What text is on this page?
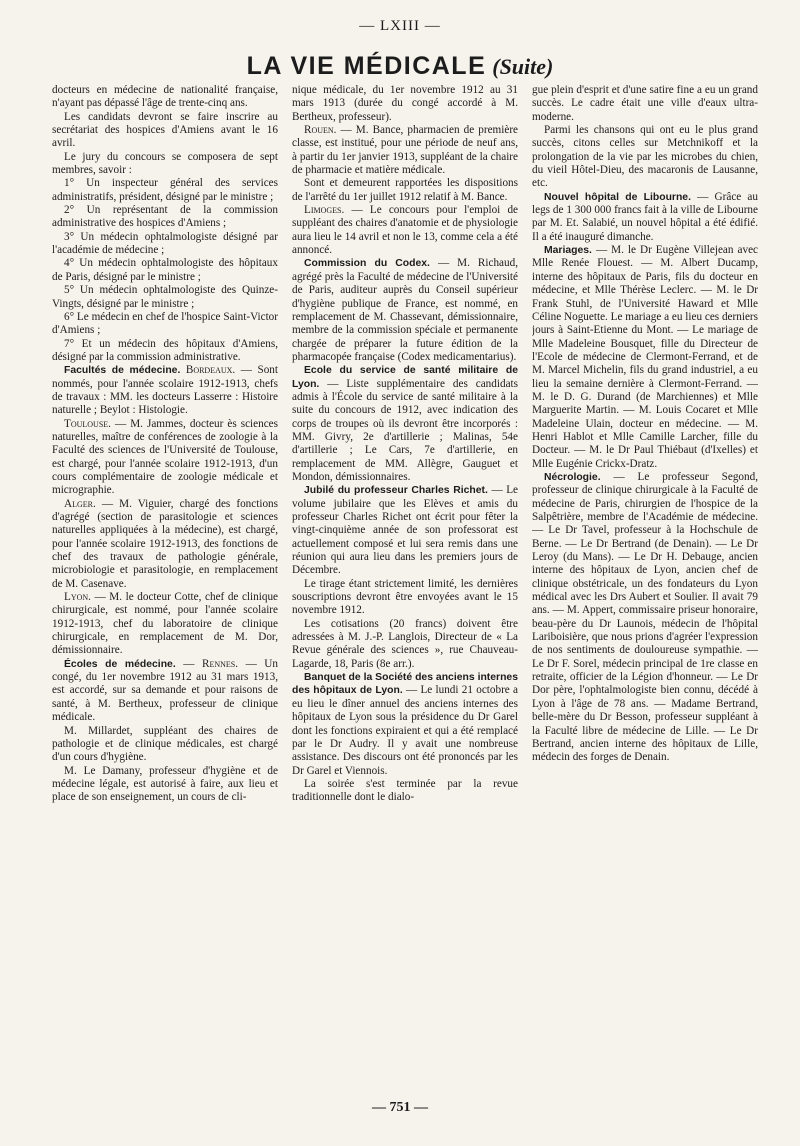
— LXIII —
LA VIE MÉDICALE (Suite)

docteurs en médecine de nationalité française, n'ayant pas dépassé l'âge de trente-cinq ans.

Les candidats devront se faire inscrire au secrétariat des hospices d'Amiens avant le 16 avril.

Le jury du concours se composera de sept membres, savoir :

1° Un inspecteur général des services administratifs, président, désigné par le ministre ;

2° Un représentant de la commission administrative des hospices d'Amiens ;

3° Un médecin ophtalmologiste désigné par l'académie de médecine ;

4° Un médecin ophtalmologiste des hôpitaux de Paris, désigné par le ministre ;

5° Un médecin ophtalmologiste des Quinze-Vingts, désigné par le ministre ;

6° Le médecin en chef de l'hospice Saint-Victor d'Amiens ;

7° Et un médecin des hôpitaux d'Amiens, désigné par la commission administrative.

Facultés de médecine. Bordeaux. — Sont nommés, pour l'année scolaire 1912-1913, chefs de travaux : MM. les docteurs Lasserre : Histoire naturelle ; Beylot : Histologie.

Toulouse. — M. Jammes, docteur ès sciences naturelles, maître de conférences de zoologie à la Faculté des sciences de l'Université de Toulouse, est chargé, pour l'année scolaire 1912-1913, d'un cours complémentaire de zoologie médicale et micrographie.

Alger. — M. Viguier, chargé des fonctions d'agrégé (section de parasitologie et sciences naturelles appliquées à la médecine), est chargé, pour l'année scolaire 1912-1913, des fonctions de chef des travaux de pathologie générale, microbiologie et parasitologie, en remplacement de M. Casenave.

Lyon. — M. le docteur Cotte, chef de clinique chirurgicale, est nommé, pour l'année scolaire 1912-1913, chef du laboratoire de clinique chirurgicale, en remplacement de M. Dor, démissionnaire.

Écoles de médecine. — Rennes. — Un congé, du 1er novembre 1912 au 31 mars 1913, est accordé, sur sa demande et pour raisons de santé, à M. Bertheux, professeur de clinique médicale.

M. Millardet, suppléant des chaires de pathologie et de clinique médicales, est chargé d'un cours d'hygiène.

M. Le Damany, professeur d'hygiène et de médecine légale, est autorisé à faire, aux lieu et place de son enseignement, un cours de cli-

nique médicale, du 1er novembre 1912 au 31 mars 1913 (durée du congé accordé à M. Bertheux, professeur).

Rouen. — M. Bance, pharmacien de première classe, est institué, pour une période de neuf ans, à partir du 1er janvier 1913, suppléant de la chaire de pharmacie et matière médicale.

Sont et demeurent rapportées les dispositions de l'arrêté du 1er juillet 1912 relatif à M. Bance.

Limoges. — Le concours pour l'emploi de suppléant des chaires d'anatomie et de physiologie aura lieu le 14 avril et non le 13, comme cela a été annoncé.

Commission du Codex. — M. Richaud, agrégé près la Faculté de médecine de l'Université de Paris, auditeur auprès du Conseil supérieur d'hygiène publique de France, est nommé, en remplacement de M. Chassevant, démissionnaire, membre de la commission spéciale et permanente chargée de préparer la future édition de la pharmacopée française (Codex medicamentarius).

Ecole du service de santé militaire de Lyon. — Liste supplémentaire des candidats admis à l'École du service de santé militaire à la suite du concours de 1912, avec indication des corps de troupes où ils devront être incorporés : MM. Givry, 2e d'artillerie ; Malinas, 54e d'artillerie ; Le Cars, 7e d'artillerie, en remplacement de MM. Allègre, Gauguet et Mondon, démissionnaires.

Jubilé du professeur Charles Richet. — Le volume jubilaire que les Elèves et amis du professeur Charles Richet ont écrit pour fêter la vingt-cinquième année de son professorat est actuellement composé et lui sera remis dans une réunion qui aura lieu dans les premiers jours de Décembre.

Le tirage étant strictement limité, les dernières souscriptions devront être envoyées avant le 15 novembre 1912.

Les cotisations (20 francs) doivent être adressées à M. J.-P. Langlois, Directeur de « La Revue générale des sciences », rue Chauveau-Lagarde, 18, Paris (8e arr.).

Banquet de la Société des anciens internes des hôpitaux de Lyon. — Le lundi 21 octobre a eu lieu le dîner annuel des anciens internes des hôpitaux de Lyon sous la présidence du Dr Garel dont les fonctions expiraient et qui a été remplacé par le Dr Audry. Il y avait une nombreuse assistance. Des discours ont été prononcés par les Dr Garel et Viennois.

La soirée s'est terminée par la revue traditionnelle dont le dialo-

gue plein d'esprit et d'une satire fine a eu un grand succès. Le cadre était une ville d'eaux ultra-moderne.

Parmi les chansons qui ont eu le plus grand succès, citons celles sur Metchnikoff et la prolongation de la vie par les microbes du chien, du vieil Hôtel-Dieu, des macaronis de Lausanne, etc.

Nouvel hôpital de Libourne. — Grâce au legs de 1 300 000 francs fait à la ville de Libourne par M. Et. Salabié, un nouvel hôpital a été édifié. Il a été inauguré dimanche.

Mariages. — M. le Dr Eugène Villejean avec Mlle Renée Flouest. — M. Albert Ducamp, interne des hôpitaux de Paris, fils du docteur en médecine, et Mlle Thérèse Leclerc. — M. le Dr Frank Stuhl, de l'Université Haward et Mlle Céline Noguette. Le mariage a eu lieu ces derniers jours à Saint-Etienne du Mont. — Le mariage de Mlle Madeleine Bousquet, fille du Directeur de l'Ecole de médecine de Clermont-Ferrand, et de M. Marcel Michelin, fils du grand industriel, a eu lieu la semaine dernière à Clermont-Ferrand. — M. le D. G. Durand (de Marchiennes) et Mlle Marguerite Martin. — M. Louis Cocaret et Mlle Madeleine Ulain, docteur en médecine. — M. Henri Hablot et Mlle Camille Larcher, fille du Docteur. — M. le Dr Paul Thiébaut (d'Ixelles) et Mlle Eugénie Crickx-Dratz.

Nécrologie. — Le professeur Segond, professeur de clinique chirurgicale à la Faculté de médecine de Paris, chirurgien de l'hospice de la Salpêtrière, membre de l'Académie de médecine. — Le Dr Tavel, professeur à la Hochschule de Berne. — Le Dr Bertrand (de Denain). — Le Dr Leroy (du Mans). — Le Dr H. Debauge, ancien interne des hôpitaux de Lyon, ancien chef de clinique obstétricale, un des fondateurs du Lyon médical avec les Drs Aubert et Soulier. Il avait 79 ans. — M. Appert, commissaire priseur honoraire, beau-père du Dr Launois, médecin de l'hôpital Lariboisière, que nous prions d'agréer l'expression de nos sentiments de douloureuse sympathie. — Le Dr F. Sorel, médecin principal de 1re classe en retraite, officier de la Légion d'honneur. — Le Dr Dor père, l'ophtalmologiste bien connu, décédé à Lyon à l'âge de 78 ans. — Madame Bertrand, belle-mère du Dr Besson, professeur suppléant à la Faculté libre de médecine de Lille. — Le Dr Bertrand, ancien interne des hôpitaux de Lille, médecin des forges de Denain.

— 751 —
